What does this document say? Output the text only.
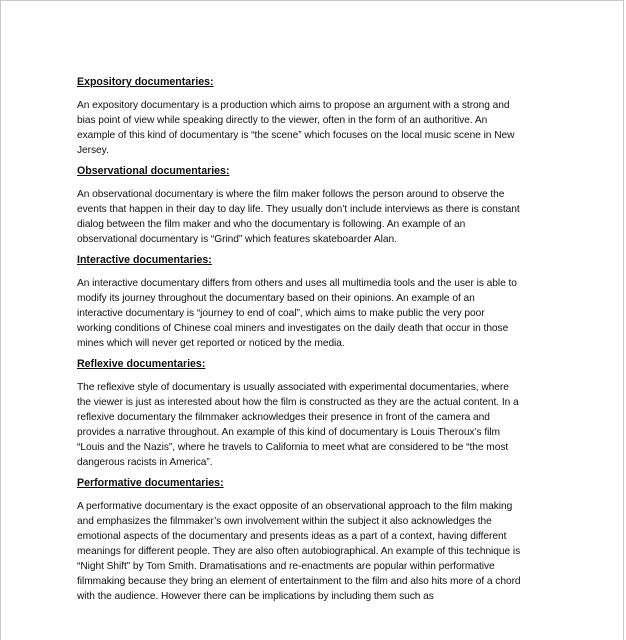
Expository documentaries:
An expository documentary is a production which aims to propose an argument with a strong and
bias point of view while speaking directly to the viewer, often in the form of an authoritive. An
example of this kind of documentary is “the scene” which focuses on the local music scene in New
Jersey.
Observational documentaries:
An observational documentary is where the film maker follows the person around to observe the
events that happen in their day to day life. They usually don’t include interviews as there is constant
dialog between the film maker and who the documentary is following. An example of an
observational documentary is “Grind” which features skateboarder Alan.
Interactive documentaries:
An interactive documentary differs from others and uses all multimedia tools and the user is able to
modify its journey throughout the documentary based on their opinions. An example of an
interactive documentary is “journey to end of coal”, which aims to make public the very poor
working conditions of Chinese coal miners and investigates on the daily death that occur in those
mines which will never get reported or noticed by the media.
Reflexive documentaries:
The reflexive style of documentary is usually associated with experimental documentaries, where
the viewer is just as interested about how the film is constructed as they are the actual content. In a
reflexive documentary the filmmaker acknowledges their presence in front of the camera and
provides a narrative throughout. An example of this kind of documentary is Louis Theroux’s film
“Louis and the Nazis”, where he travels to California to meet what are considered to be “the most
dangerous racists in America”.
Performative documentaries:
A performative documentary is the exact opposite of an observational approach to the film making
and emphasizes the filmmaker’s own involvement within the subject it also acknowledges the
emotional aspects of the documentary and presents ideas as a part of a context, having different
meanings for different people. They are also often autobiographical. An example of this technique is
“Night Shift” by Tom Smith. Dramatisations and re-enactments are popular within performative
filmmaking because they bring an element of entertainment to the film and also hits more of a chord
with the audience. However there can be implications by including them such as
